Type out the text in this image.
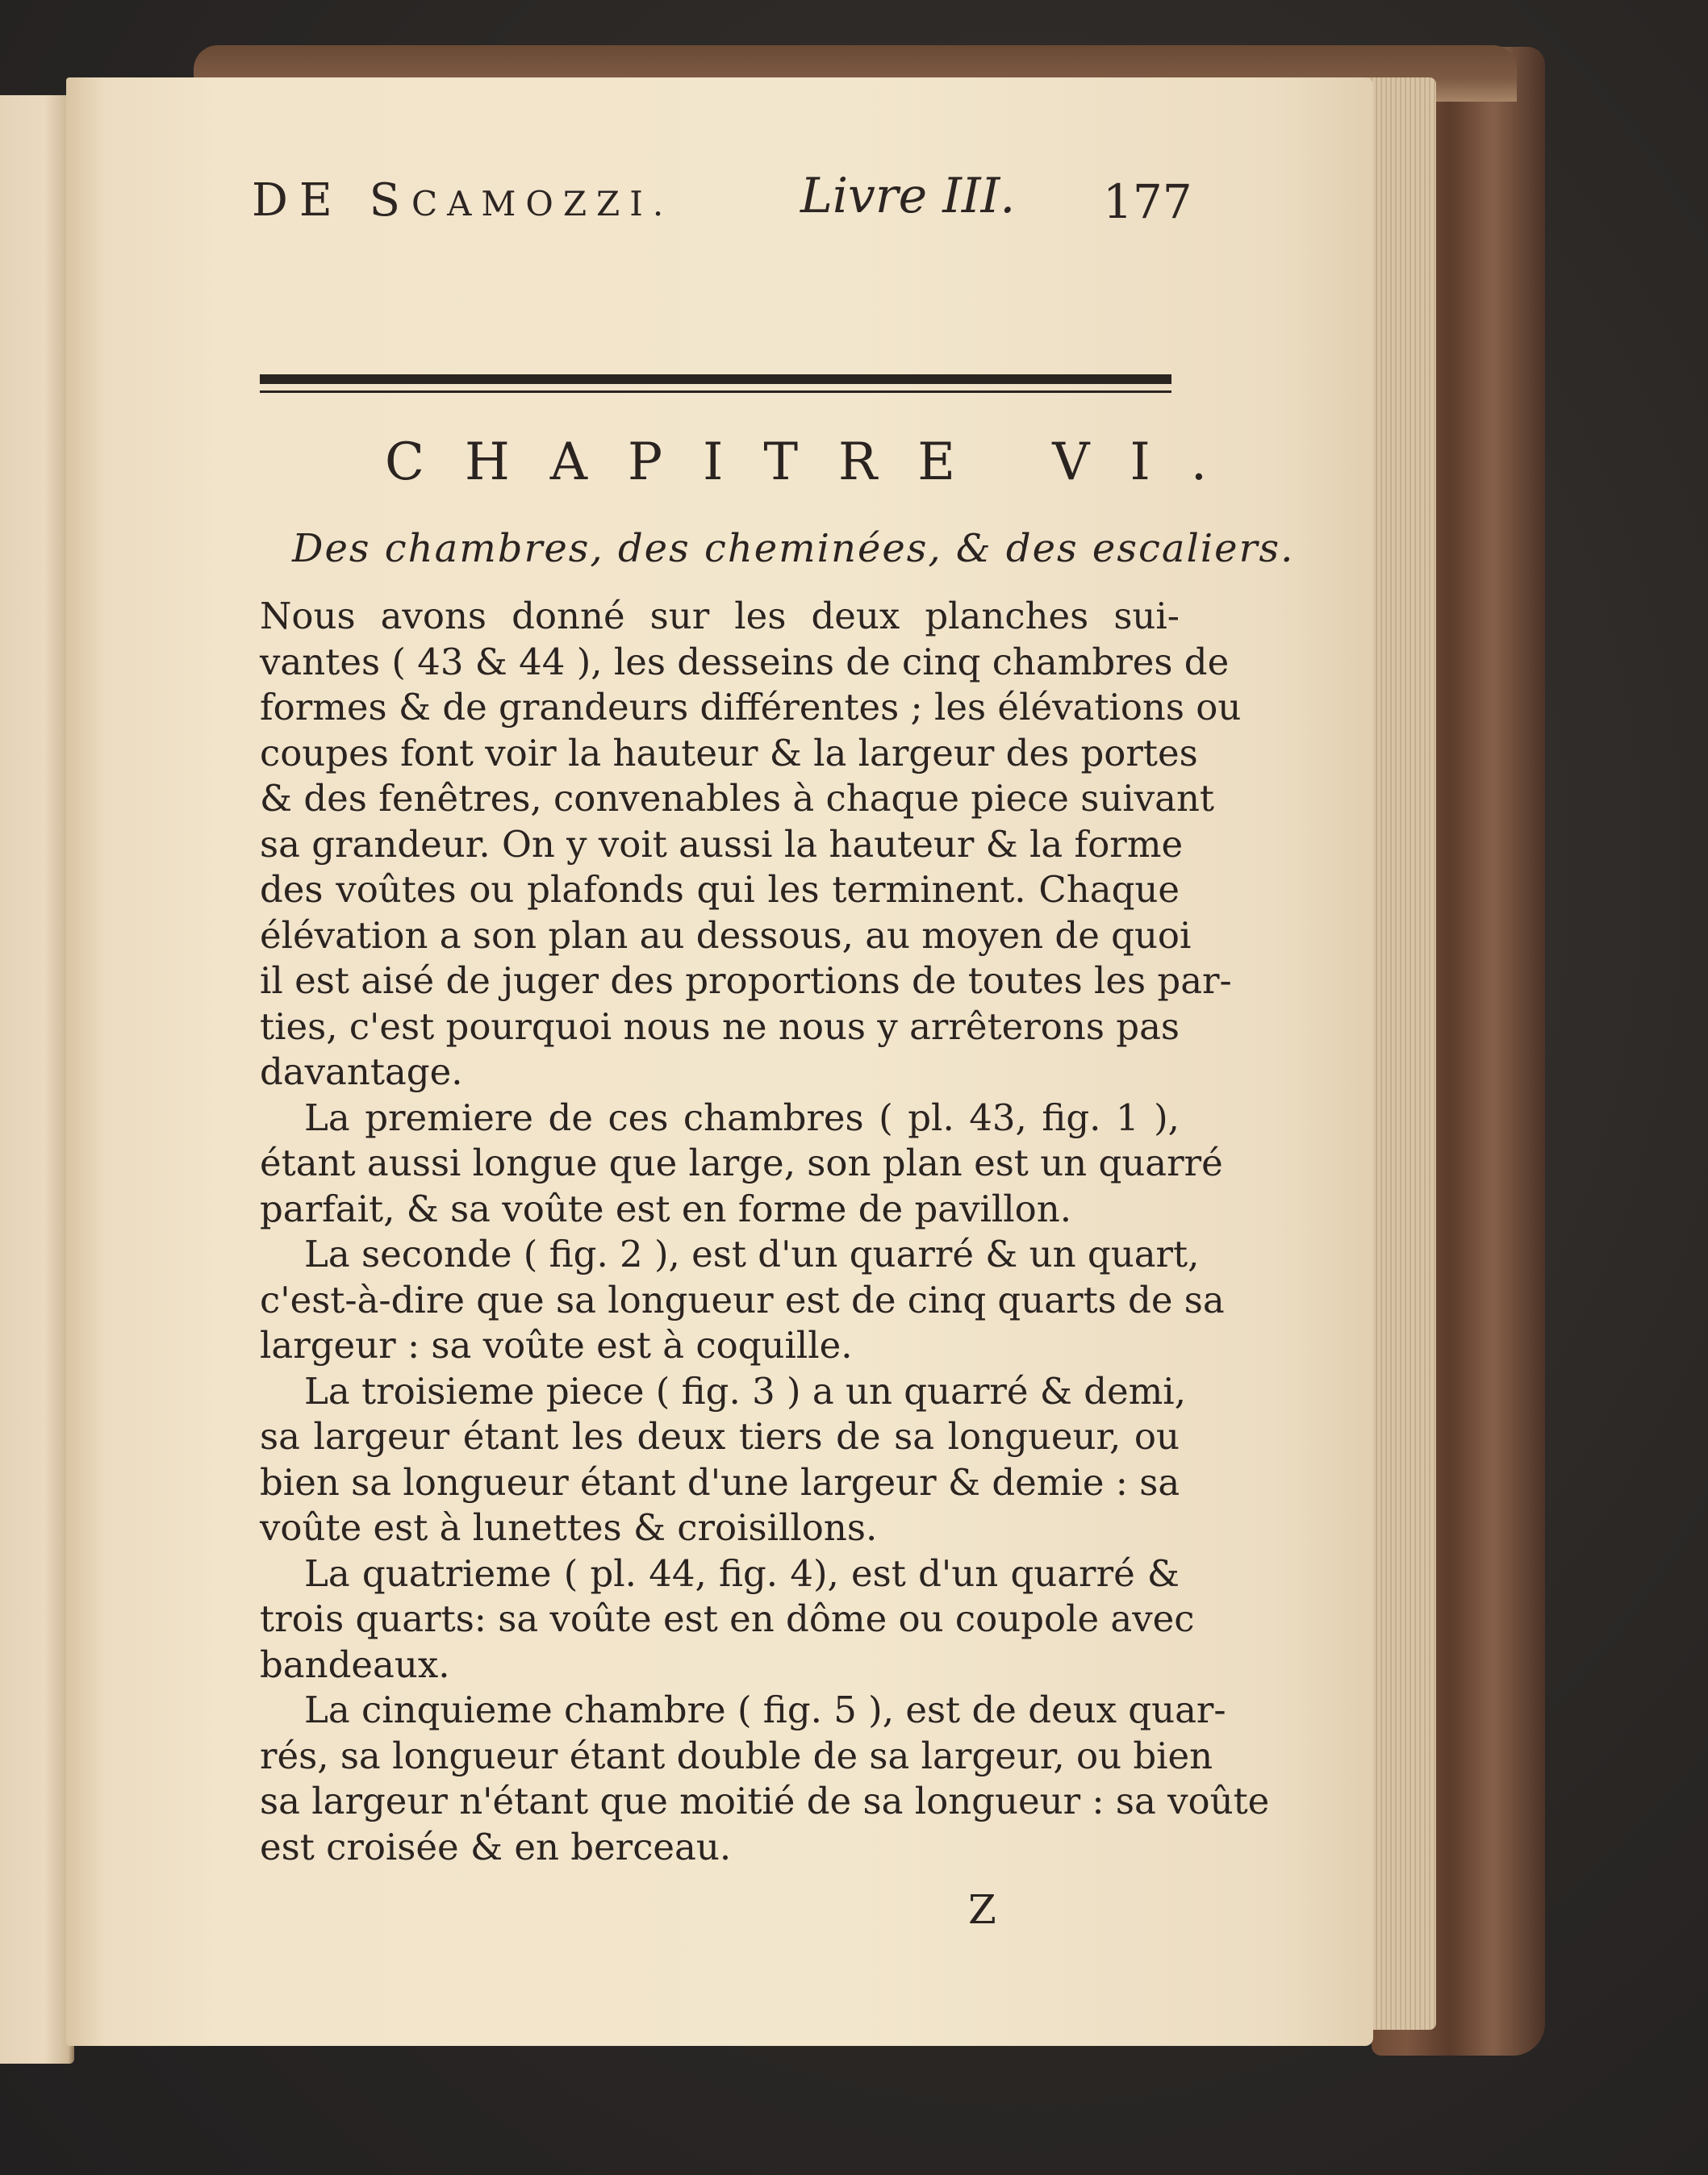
DE SCAMOZZI.	Livre III. 177
CHAPITRE VI.
Des chambres, des cheminées, & des escaliers.
Nous avons donné sur les deux planches sui-
vantes ( 43 & 44 ), les desseins de cinq chambres de
formes & de grandeurs différentes ; les élévations ou
coupes font voir la hauteur & la largeur des portes
& des fenêtres, convenables à chaque piece suivant
sa grandeur. On y voit aussi la hauteur & la forme
des voûtes ou plafonds qui les terminent. Chaque
élévation a son plan au dessous, au moyen de quoi
il est aisé de juger des proportions de toutes les par-
ties, c'est pourquoi nous ne nous y arrêterons pas
davantage.
La premiere de ces chambres ( pl. 43, fig. 1 ),
étant aussi longue que large, son plan est un quarré
parfait, & sa voûte est en forme de pavillon.
La seconde ( fig. 2 ), est d'un quarré & un quart,
c'est-à-dire que sa longueur est de cinq quarts de sa
largeur : sa voûte est à coquille.
La troisieme piece ( fig. 3 ) a un quarré & demi,
sa largeur étant les deux tiers de sa longueur, ou
bien sa longueur étant d'une largeur & demie : sa
voûte est à lunettes & croisillons.
La quatrieme ( pl. 44, fig. 4), est d'un quarré &
trois quarts: sa voûte est en dôme ou coupole avec
bandeaux.
La cinquieme chambre ( fig. 5 ), est de deux quar-
rés, sa longueur étant double de sa largeur, ou bien
sa largeur n'étant que moitié de sa longueur : sa voûte
est croisée & en berceau.
Z
